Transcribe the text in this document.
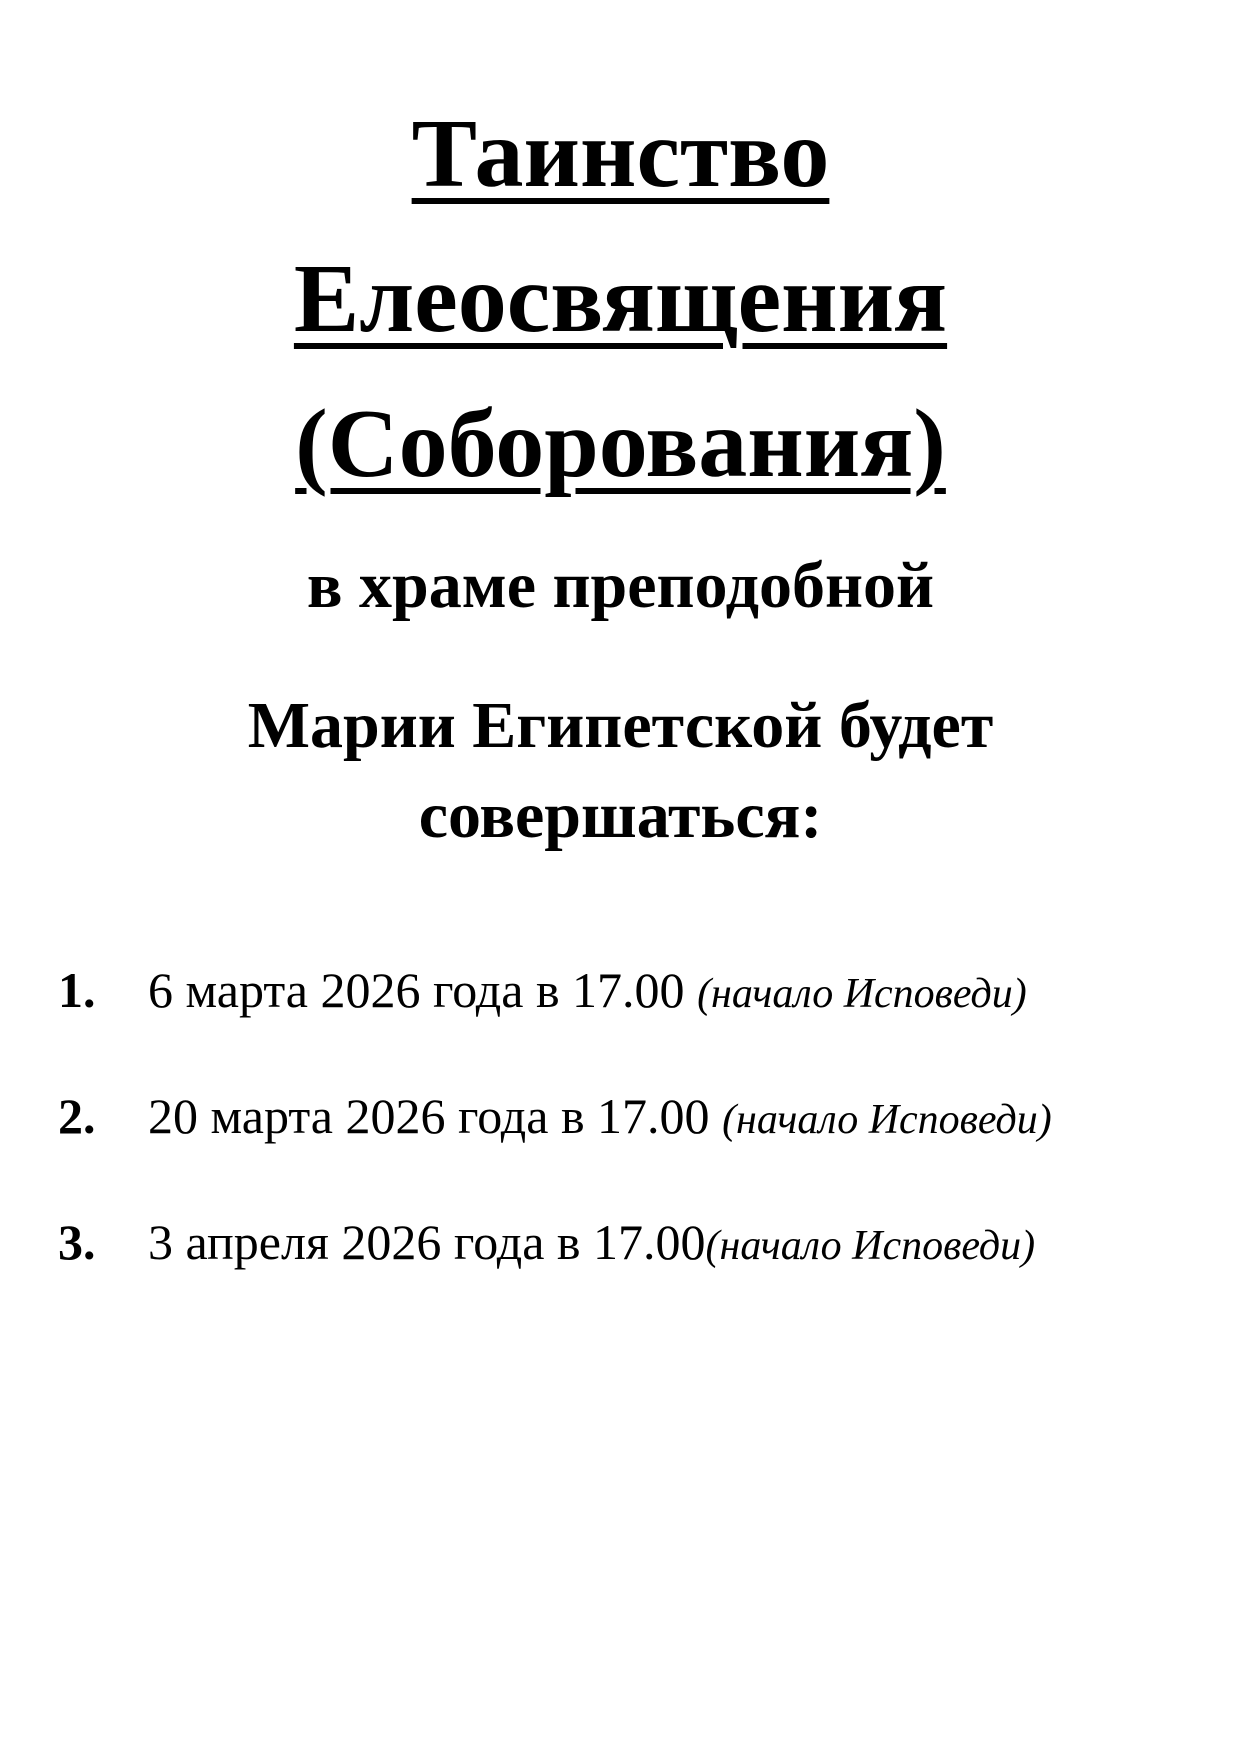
Таинство
Елеосвящения
(Соборования)
в храме преподобной
Марии Египетской будет
совершаться:
1. 6 марта 2026 года в 17.00 (начало Исповеди)
2. 20 марта 2026 года в 17.00 (начало Исповеди)
3. 3 апреля 2026 года в 17.00(начало Исповеди)
